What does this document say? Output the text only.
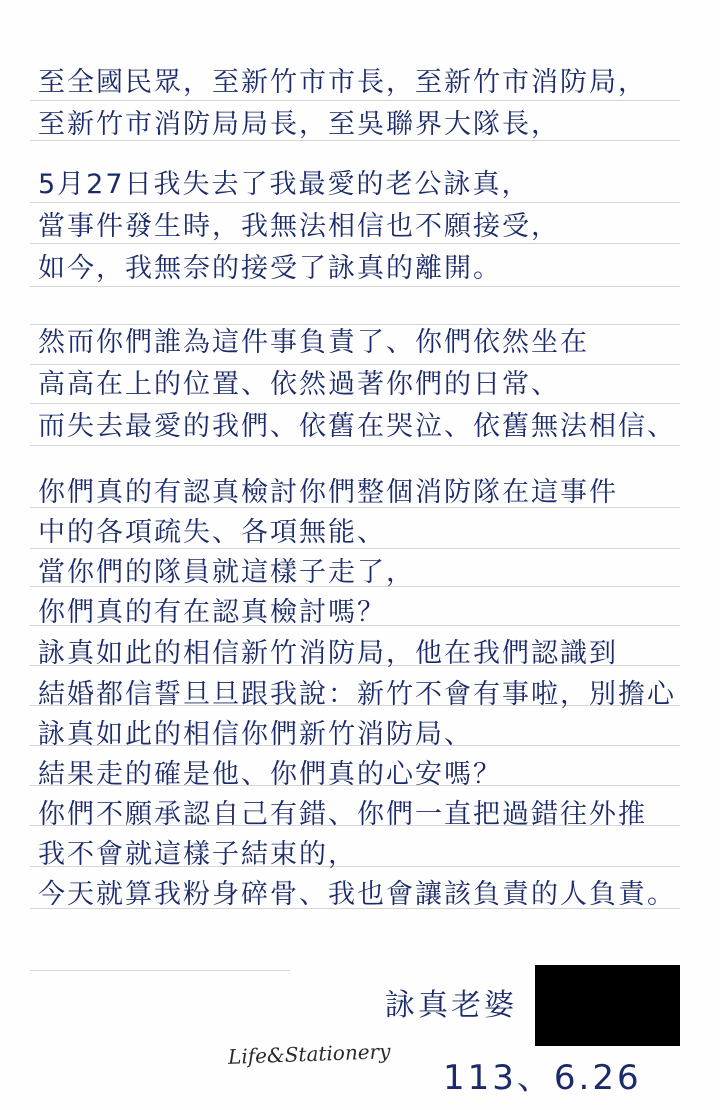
至全國民眾，至新竹市市長，至新竹市消防局，
至新竹市消防局局長，至吳聯界大隊長，
5月27日我失去了我最愛的老公詠真，
當事件發生時，我無法相信也不願接受，
如今，我無奈的接受了詠真的離開。
然而你們誰為這件事負責了、你們依然坐在
高高在上的位置、依然過著你們的日常、
而失去最愛的我們、依舊在哭泣、依舊無法相信、
你們真的有認真檢討你們整個消防隊在這事件
中的各項疏失、各項無能、
當你們的隊員就這樣子走了，
你們真的有在認真檢討嗎？
詠真如此的相信新竹消防局，他在我們認識到
結婚都信誓旦旦跟我說：新竹不會有事啦，別擔心
詠真如此的相信你們新竹消防局、
結果走的確是他、你們真的心安嗎？
你們不願承認自己有錯、你們一直把過錯往外推
我不會就這樣子結束的，
今天就算我粉身碎骨、我也會讓該負責的人負責。
詠真老婆
Life&Stationery
113、6.26
